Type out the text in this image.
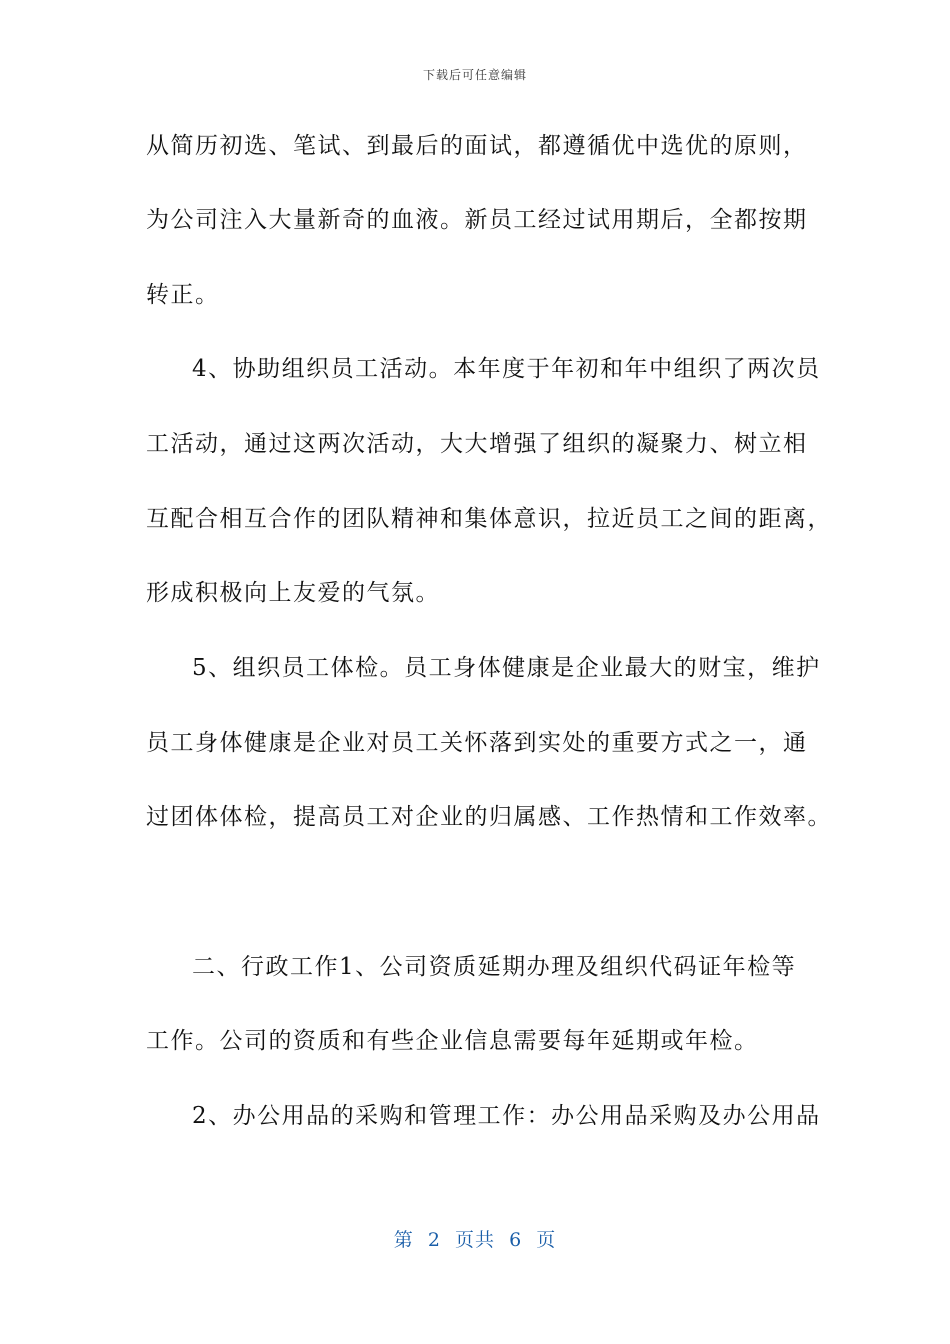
下载后可任意编辑
从简历初选、笔试、到最后的面试，都遵循优中选优的原则，
为公司注入大量新奇的血液。新员工经过试用期后，全都按期
转正。
4、协助组织员工活动。本年度于年初和年中组织了两次员
工活动，通过这两次活动，大大增强了组织的凝聚力、树立相
互配合相互合作的团队精神和集体意识，拉近员工之间的距离，
形成积极向上友爱的气氛。
5、组织员工体检。员工身体健康是企业最大的财宝，维护
员工身体健康是企业对员工关怀落到实处的重要方式之一，通
过团体体检，提高员工对企业的归属感、工作热情和工作效率。
二、行政工作1、公司资质延期办理及组织代码证年检等
工作。公司的资质和有些企业信息需要每年延期或年检。
2、办公用品的采购和管理工作：办公用品采购及办公用品
第  2  页共  6  页
